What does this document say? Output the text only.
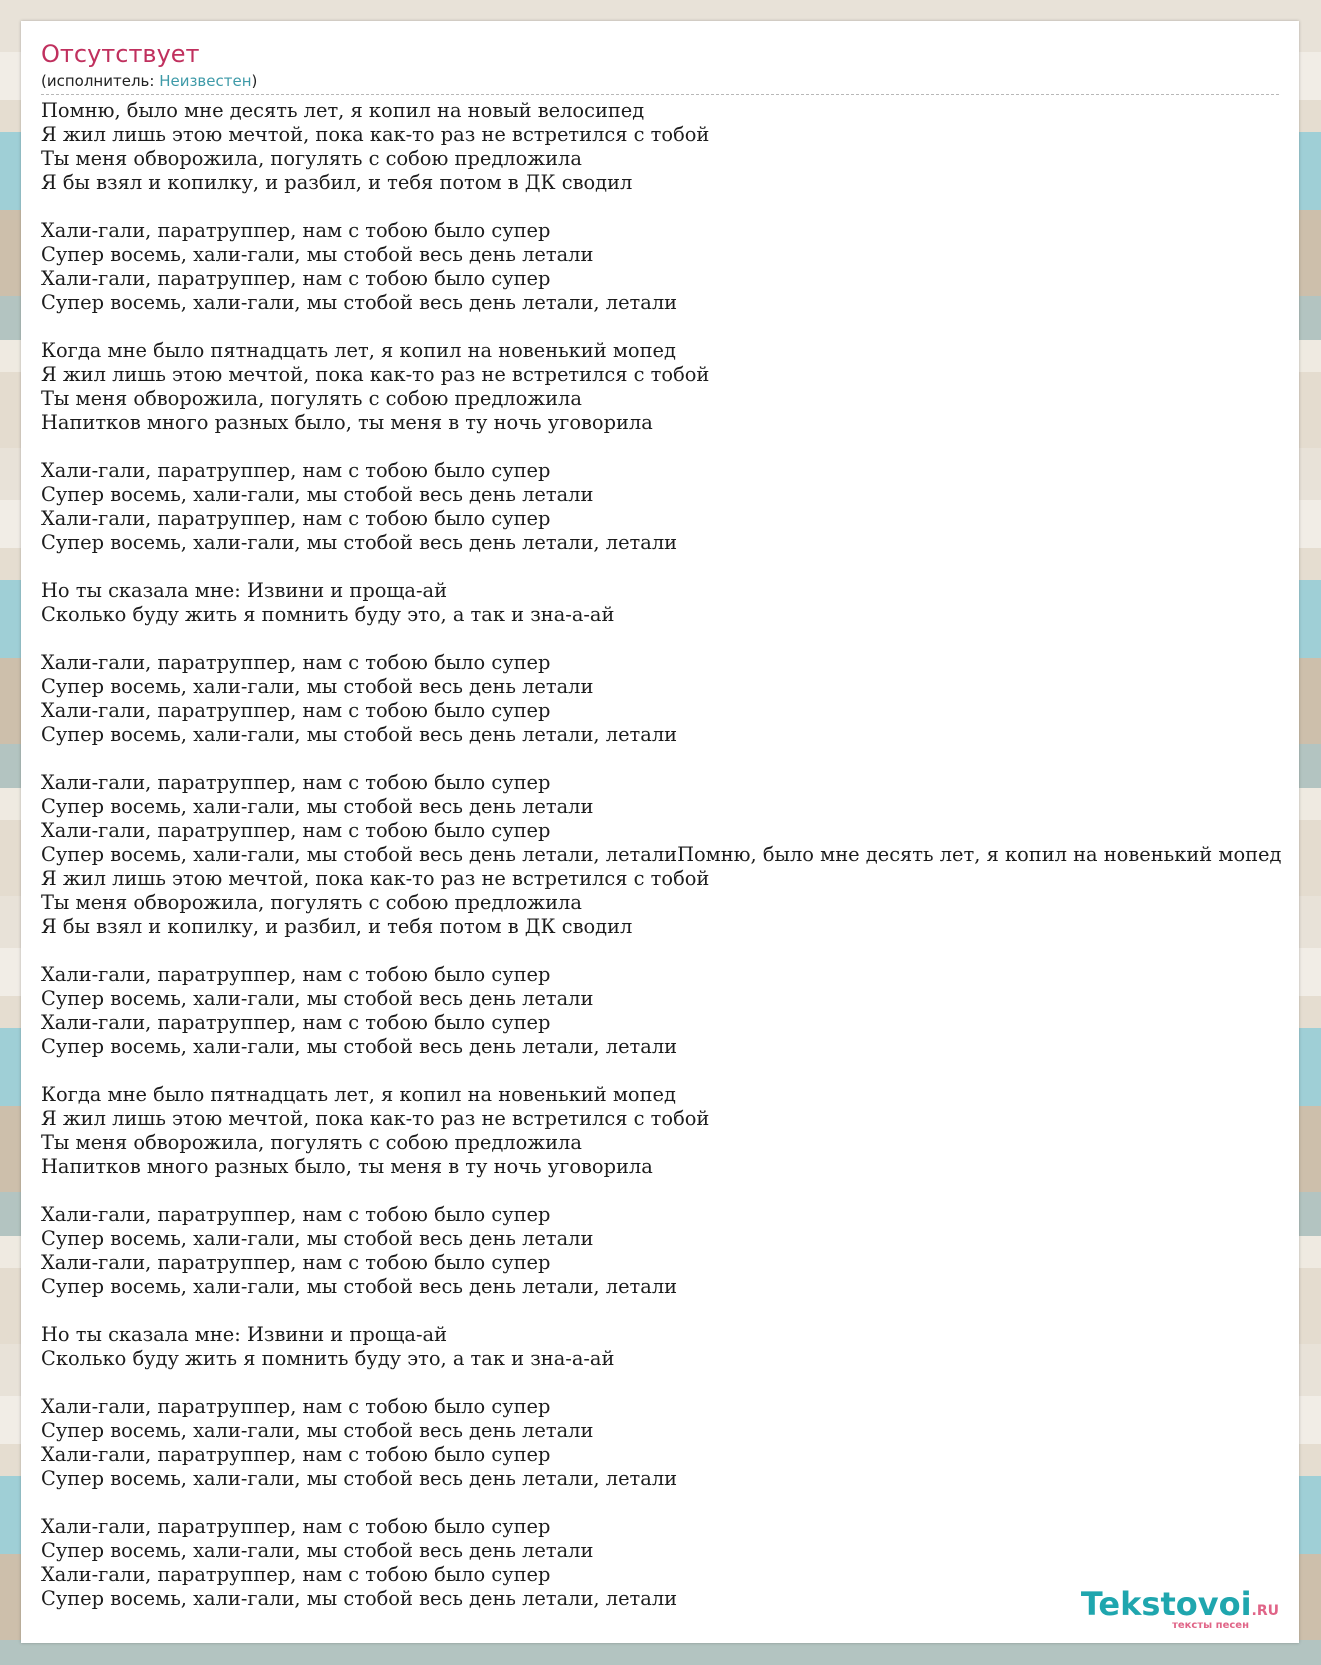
Отсутствует
(исполнитель: Неизвестен)
Помню, было мне десять лет, я копил на новый велосипед
Я жил лишь этою мечтой, пока как-то раз не встретился с тобой
Ты меня обворожила, погулять с собою предложила
Я бы взял и копилку, и разбил, и тебя потом в ДК сводил

Хали-гали, паратруппер, нам с тобою было супер
Супер восемь, хали-гали, мы стобой весь день летали
Хали-гали, паратруппер, нам с тобою было супер
Супер восемь, хали-гали, мы стобой весь день летали, летали

Когда мне было пятнадцать лет, я копил на новенький мопед
Я жил лишь этою мечтой, пока как-то раз не встретился с тобой
Ты меня обворожила, погулять с собою предложила
Напитков много разных было, ты меня в ту ночь уговорила

Хали-гали, паратруппер, нам с тобою было супер
Супер восемь, хали-гали, мы стобой весь день летали
Хали-гали, паратруппер, нам с тобою было супер
Супер восемь, хали-гали, мы стобой весь день летали, летали

Но ты сказала мне: Извини и проща-ай
Сколько буду жить я помнить буду это, а так и зна-а-ай

Хали-гали, паратруппер, нам с тобою было супер
Супер восемь, хали-гали, мы стобой весь день летали
Хали-гали, паратруппер, нам с тобою было супер
Супер восемь, хали-гали, мы стобой весь день летали, летали

Хали-гали, паратруппер, нам с тобою было супер
Супер восемь, хали-гали, мы стобой весь день летали
Хали-гали, паратруппер, нам с тобою было супер
Супер восемь, хали-гали, мы стобой весь день летали, леталиПомню, было мне десять лет, я копил на новенький мопед
Я жил лишь этою мечтой, пока как-то раз не встретился с тобой
Ты меня обворожила, погулять с собою предложила
Я бы взял и копилку, и разбил, и тебя потом в ДК сводил

Хали-гали, паратруппер, нам с тобою было супер
Супер восемь, хали-гали, мы стобой весь день летали
Хали-гали, паратруппер, нам с тобою было супер
Супер восемь, хали-гали, мы стобой весь день летали, летали

Когда мне было пятнадцать лет, я копил на новенький мопед
Я жил лишь этою мечтой, пока как-то раз не встретился с тобой
Ты меня обворожила, погулять с собою предложила
Напитков много разных было, ты меня в ту ночь уговорила

Хали-гали, паратруппер, нам с тобою было супер
Супер восемь, хали-гали, мы стобой весь день летали
Хали-гали, паратруппер, нам с тобою было супер
Супер восемь, хали-гали, мы стобой весь день летали, летали

Но ты сказала мне: Извини и проща-ай
Сколько буду жить я помнить буду это, а так и зна-а-ай

Хали-гали, паратруппер, нам с тобою было супер
Супер восемь, хали-гали, мы стобой весь день летали
Хали-гали, паратруппер, нам с тобою было супер
Супер восемь, хали-гали, мы стобой весь день летали, летали

Хали-гали, паратруппер, нам с тобою было супер
Супер восемь, хали-гали, мы стобой весь день летали
Хали-гали, паратруппер, нам с тобою было супер
Супер восемь, хали-гали, мы стобой весь день летали, летали	Tekstovoi.RU
тексты песен
